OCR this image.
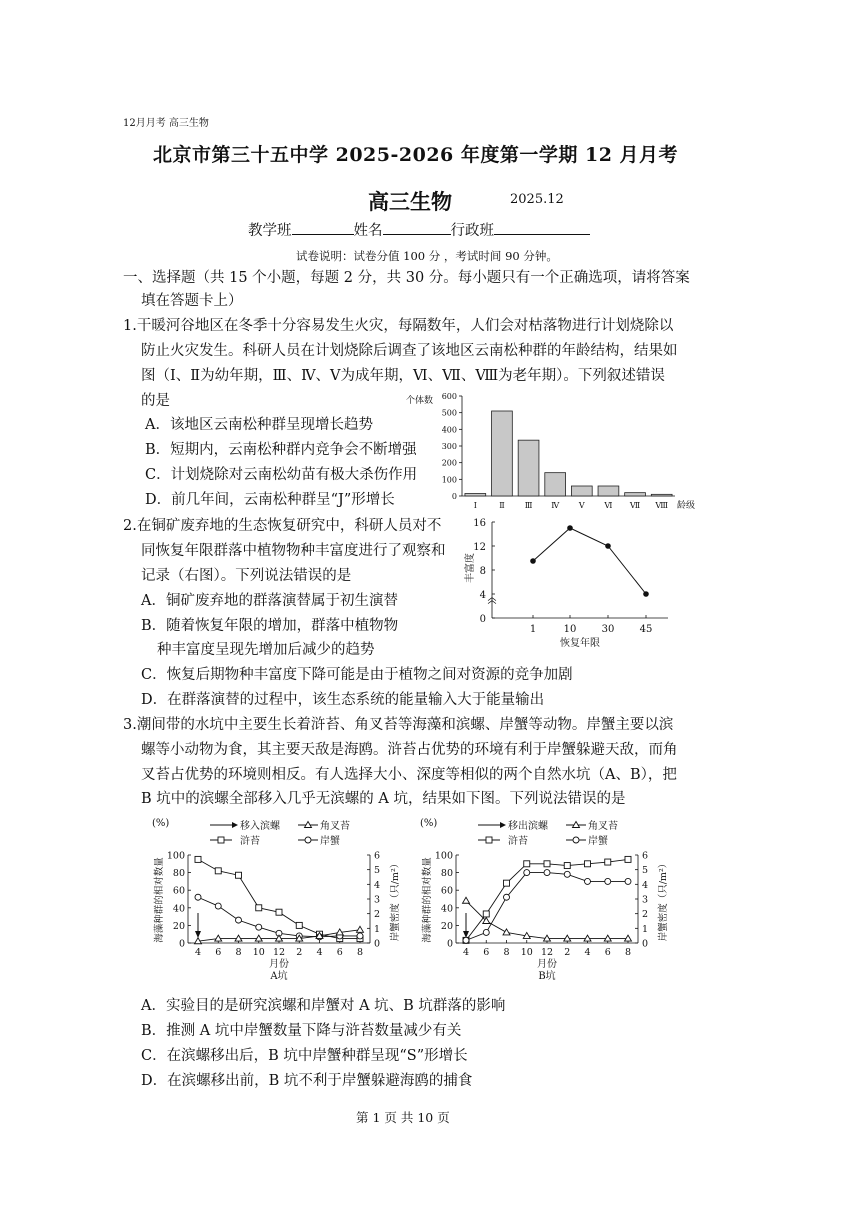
12月月考 高三生物
北京市第三十五中学 2025-2026 年度第一学期 12 月月考
高三生物	2025.12
教学班	姓名	行政班
试卷说明：试卷分值 100 分 ，考试时间 90 分钟。
一、选择题（共 15 个小题，每题 2 分，共 30 分。每小题只有一个正确选项，请将答案
填在答题卡上）
1.干暖河谷地区在冬季十分容易发生火灾，每隔数年，人们会对枯落物进行计划烧除以
防止火灾发生。科研人员在计划烧除后调查了该地区云南松种群的年龄结构，结果如
图（Ⅰ、Ⅱ为幼年期，Ⅲ、Ⅳ、Ⅴ为成年期，Ⅵ、Ⅶ、Ⅷ为老年期）。下列叙述错误
的是
A．该地区云南松种群呈现增长趋势
B．短期内，云南松种群内竞争会不断增强
C．计划烧除对云南松幼苗有极大杀伤作用
D．前几年间，云南松种群呈“J”形增长	0
100
200
300
400
500
600
个体数
Ⅰ	Ⅱ	Ⅲ Ⅳ Ⅴ Ⅵ Ⅶ Ⅷ 龄级
2.在铜矿废弃地的生态恢复研究中，科研人员对不
同恢复年限群落中植物物种丰富度进行了观察和
记录（右图）。下列说法错误的是
A．铜矿废弃地的群落演替属于初生演替
B．随着恢复年限的增加，群落中植物物
种丰富度呈现先增加后减少的趋势
C．恢复后期物种丰富度下降可能是由于植物之间对资源的竞争加剧
D．在群落演替的过程中，该生态系统的能量输入大于能量输出
0
4
8
12
16
丰富度
1	10	30	45
恢复年限
3.潮间带的水坑中主要生长着浒苔、角叉苔等海藻和滨螺、岸蟹等动物。岸蟹主要以滨
螺等小动物为食，其主要天敌是海鸥。浒苔占优势的环境有利于岸蟹躲避天敌，而角
叉苔占优势的环境则相反。有人选择大小、深度等相似的两个自然水坑（A、B），把
B 坑中的滨螺全部移入几乎无滨螺的 A 坑，结果如下图。下列说法错误的是
0
20
40
60
80
100
0
1
2
3
4
5
6
(%)
海藻种群的相对数量	岸蟹密度（只/m²）
4 6 8 10 12 2 4 6 8
月份
A坑
移入滨螺	角叉苔
浒苔	岸蟹
0
20
40
60
80
100
0
1
2
3
4
5
6
(%)
海藻种群的相对数量	岸蟹密度（只/m²）
4 6 8 10 12 2 4 6 8
月份
B坑
移出滨螺	角叉苔
浒苔	岸蟹
A．实验目的是研究滨螺和岸蟹对 A 坑、B 坑群落的影响
B．推测 A 坑中岸蟹数量下降与浒苔数量减少有关
C．在滨螺移出后，B 坑中岸蟹种群呈现“S”形增长
D．在滨螺移出前，B 坑不利于岸蟹躲避海鸥的捕食
第 1 页 共 10 页
